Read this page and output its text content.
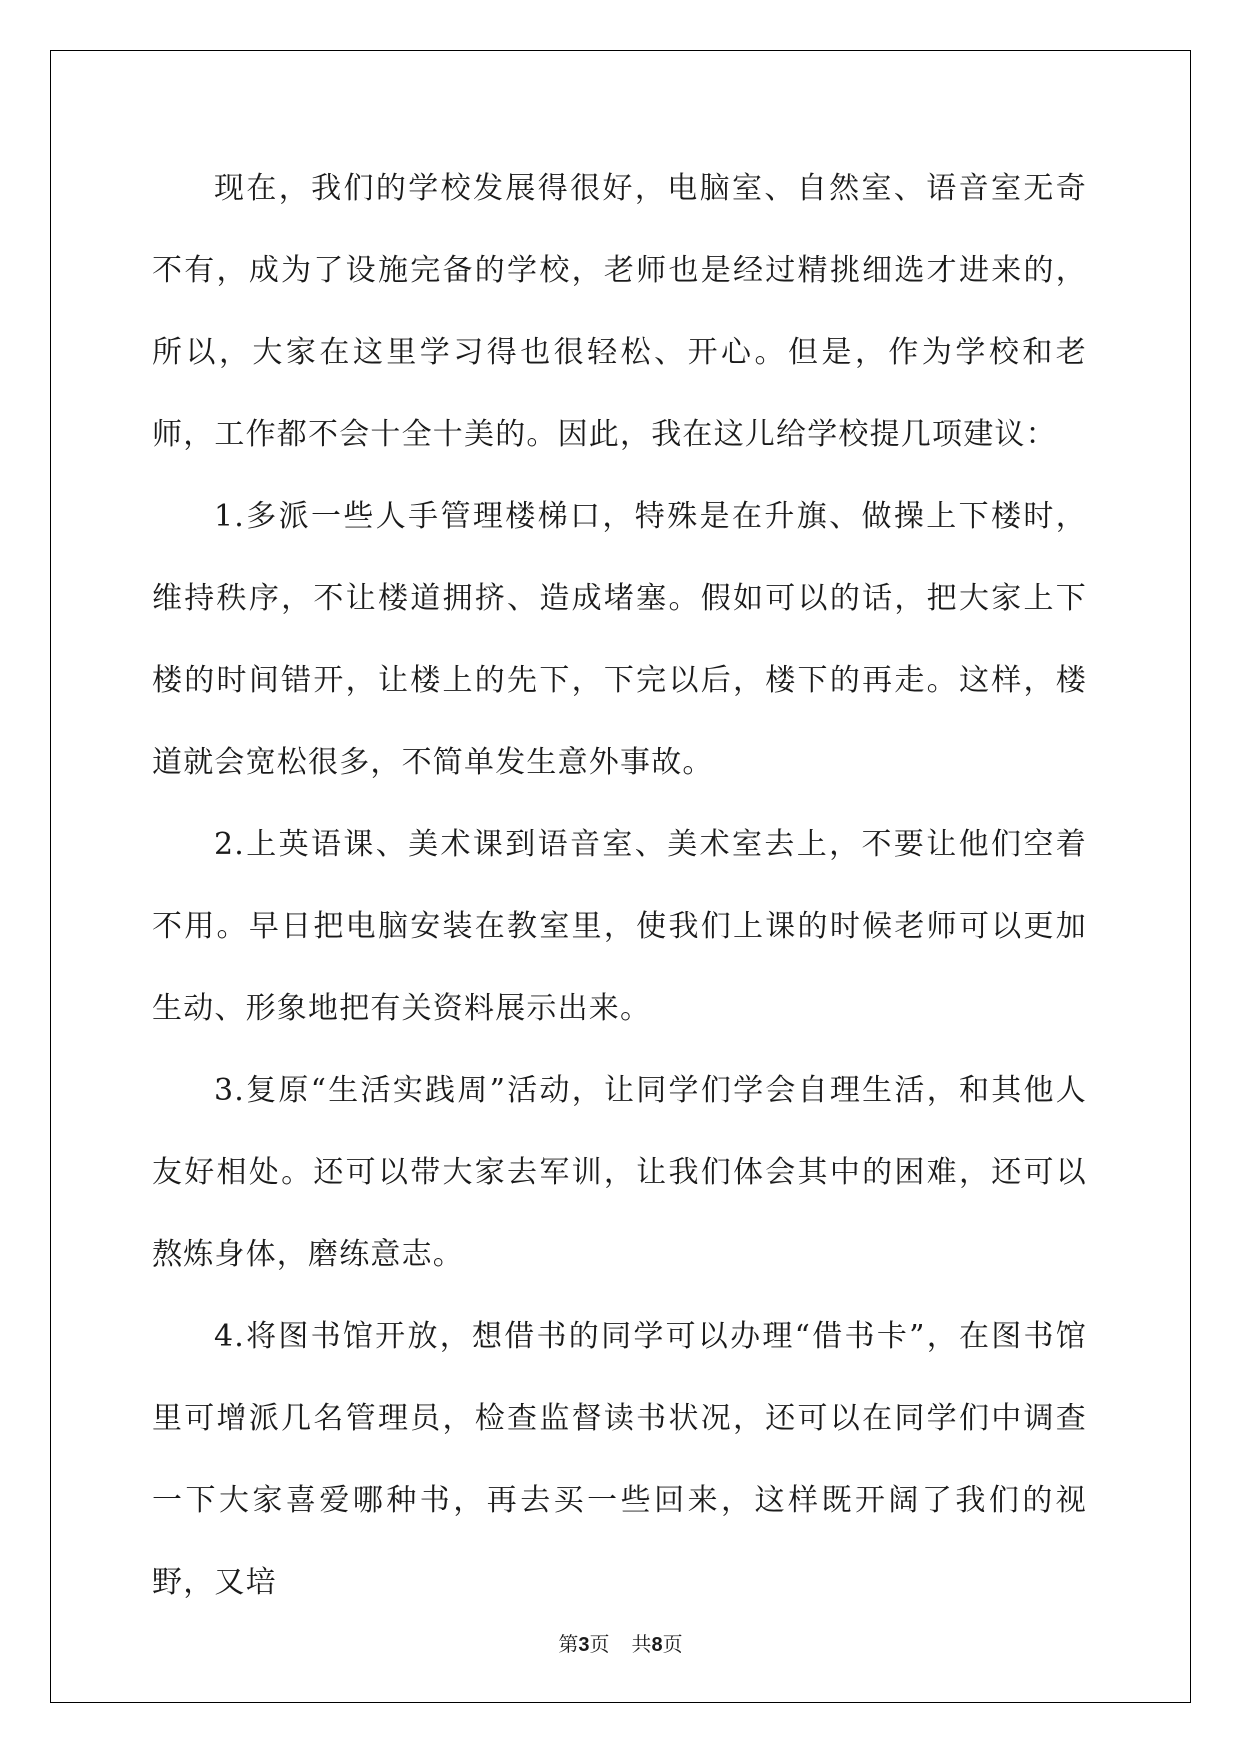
现在，我们的学校发展得很好，电脑室、自然室、语音室无奇不有，成为了设施完备的学校，老师也是经过精挑细选才进来的，所以，大家在这里学习得也很轻松、开心。但是，作为学校和老师，工作都不会十全十美的。因此，我在这儿给学校提几项建议：

1.多派一些人手管理楼梯口，特殊是在升旗、做操上下楼时，维持秩序，不让楼道拥挤、造成堵塞。假如可以的话，把大家上下楼的时间错开，让楼上的先下，下完以后，楼下的再走。这样，楼道就会宽松很多，不简单发生意外事故。

2.上英语课、美术课到语音室、美术室去上，不要让他们空着不用。早日把电脑安装在教室里，使我们上课的时候老师可以更加生动、形象地把有关资料展示出来。

3.复原“生活实践周”活动，让同学们学会自理生活，和其他人友好相处。还可以带大家去军训，让我们体会其中的困难，还可以熬炼身体，磨练意志。

4.将图书馆开放，想借书的同学可以办理“借书卡”，在图书馆里可增派几名管理员，检查监督读书状况，还可以在同学们中调查一下大家喜爱哪种书，再去买一些回来，这样既开阔了我们的视野，又培

第3页 共8页
